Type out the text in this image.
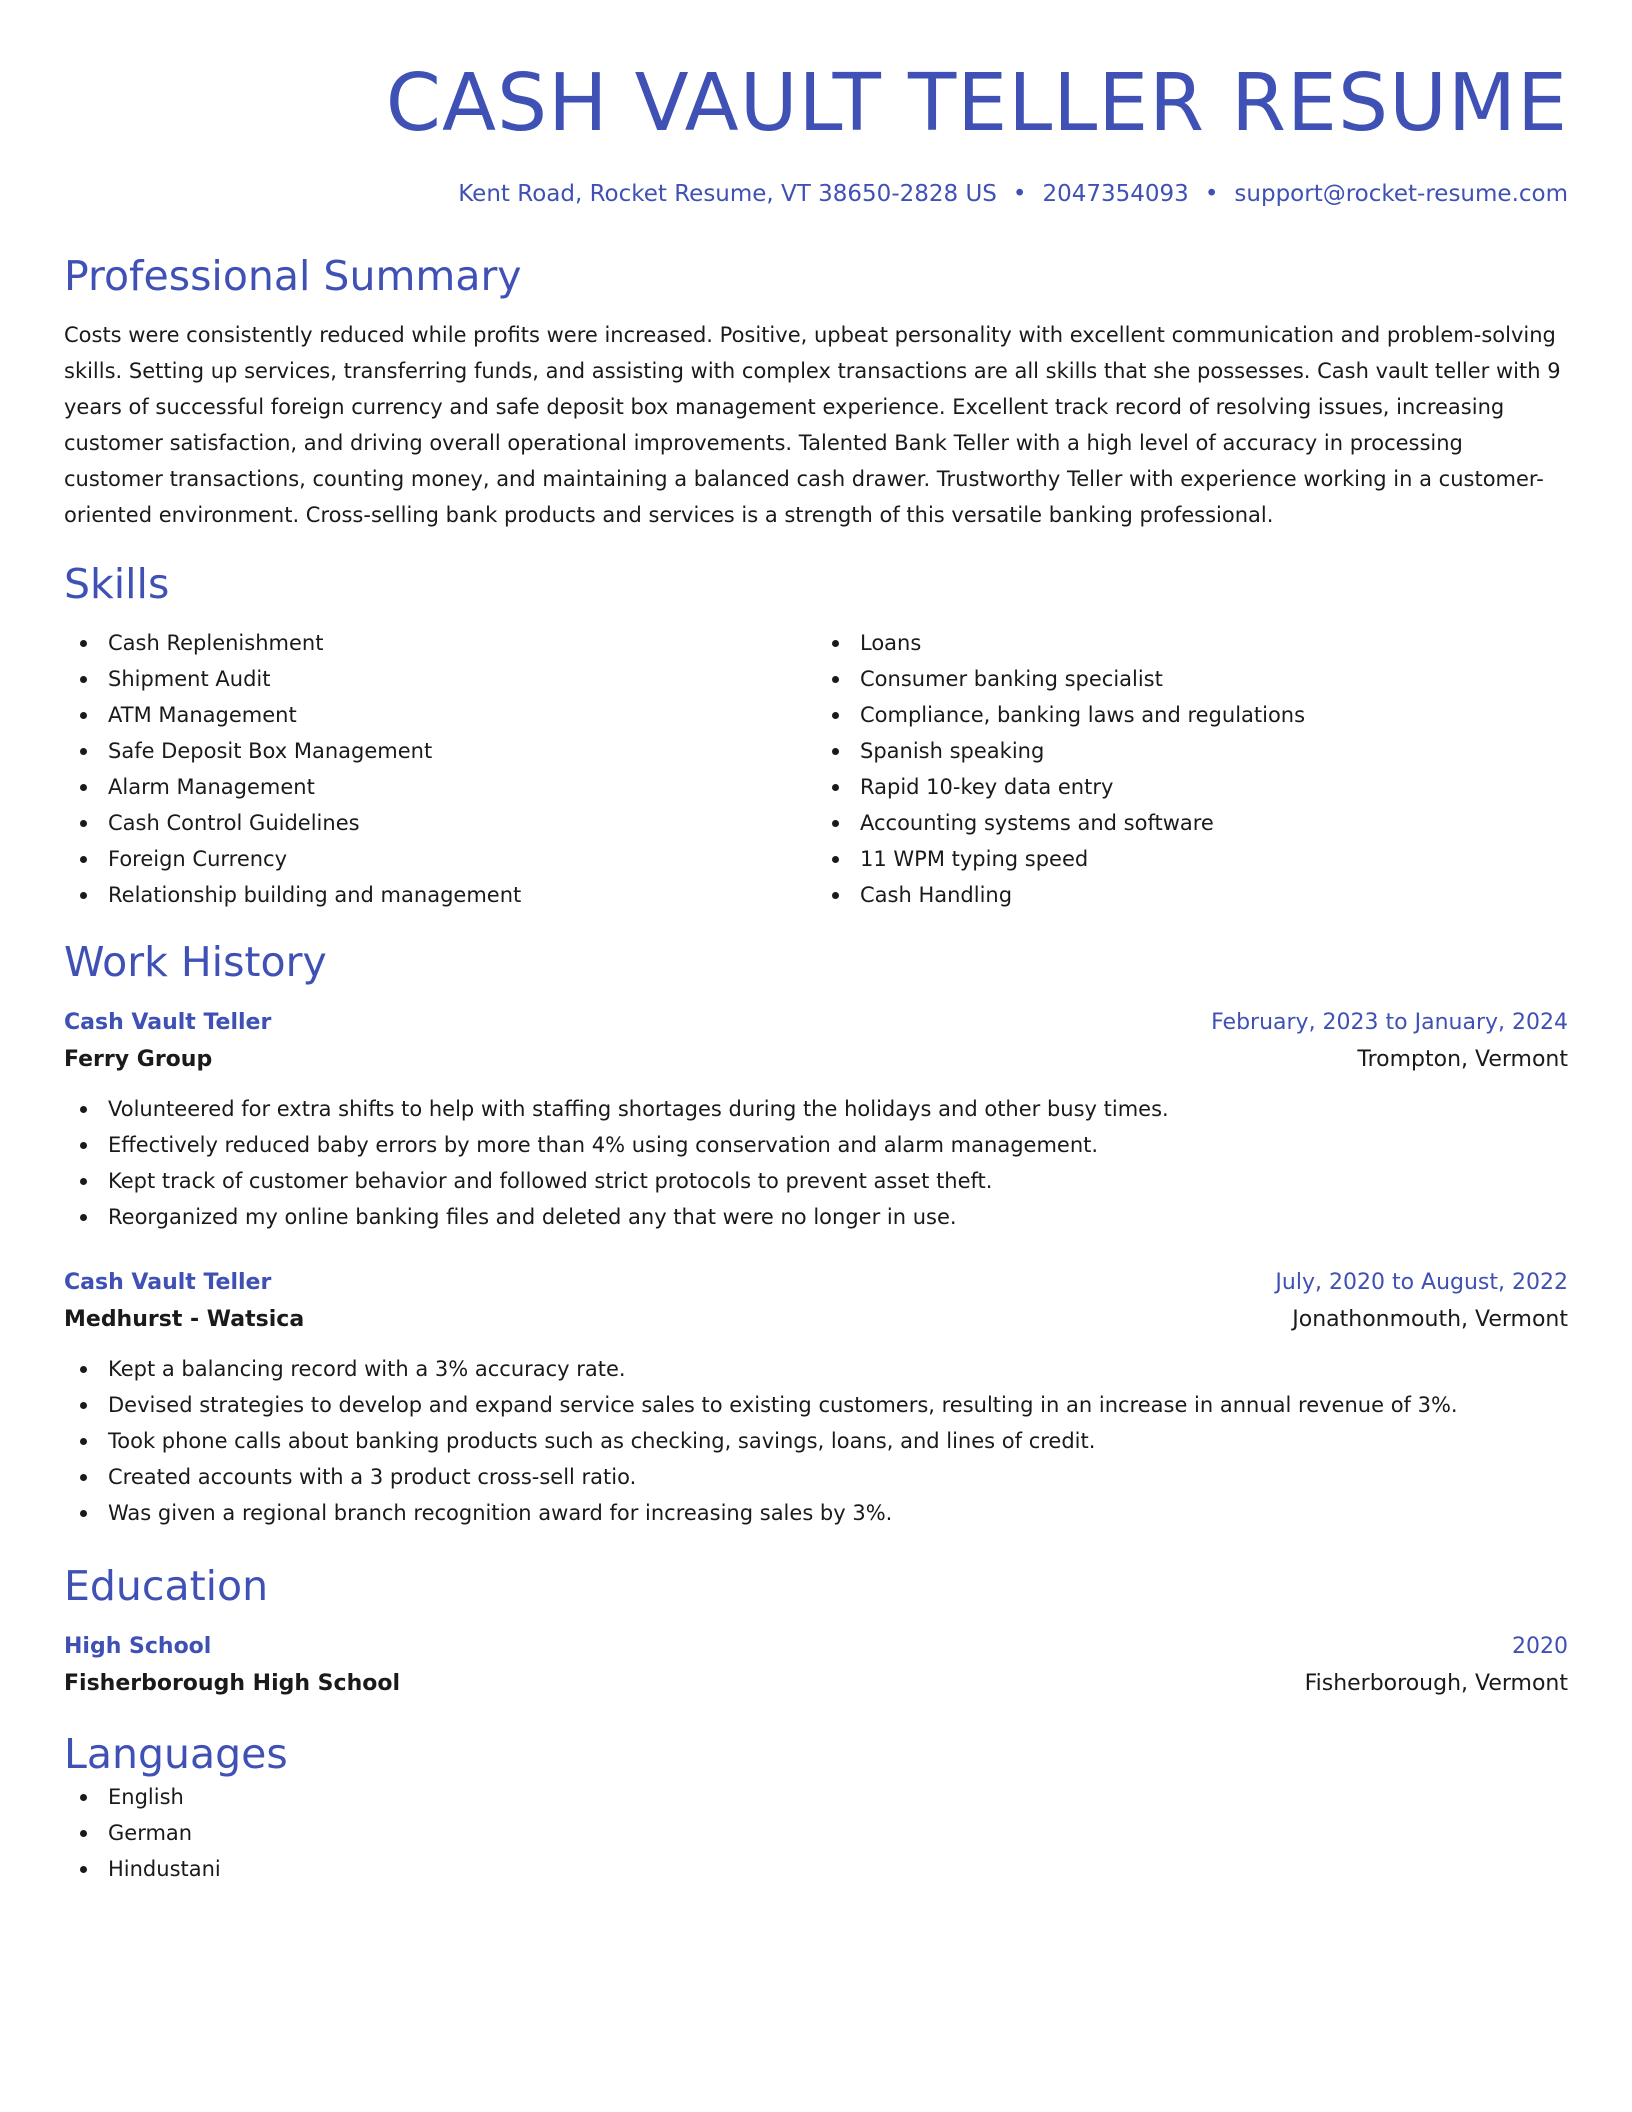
CASH VAULT TELLER RESUME
Kent Road, Rocket Resume, VT 38650-2828 US • 2047354093 • support@rocket-resume.com
Professional Summary

Costs were consistently reduced while profits were increased. Positive, upbeat personality with excellent communication and problem-solving skills. Setting up services, transferring funds, and assisting with complex transactions are all skills that she possesses. Cash vault teller with 9 years of successful foreign currency and safe deposit box management experience. Excellent track record of resolving issues, increasing customer satisfaction, and driving overall operational improvements. Talented Bank Teller with a high level of accuracy in processing customer transactions, counting money, and maintaining a balanced cash drawer. Trustworthy Teller with experience working in a customer-oriented environment. Cross-selling bank products and services is a strength of this versatile banking professional.

Skills
Cash Replenishment
Shipment Audit
ATM Management
Safe Deposit Box Management
Alarm Management
Cash Control Guidelines
Foreign Currency
Relationship building and management
Loans
Consumer banking specialist
Compliance, banking laws and regulations
Spanish speaking
Rapid 10-key data entry
Accounting systems and software
11 WPM typing speed
Cash Handling
Work History
Cash Vault Teller	February, 2023 to January, 2024
Ferry Group	Trompton, Vermont
Volunteered for extra shifts to help with staffing shortages during the holidays and other busy times.
Effectively reduced baby errors by more than 4% using conservation and alarm management.
Kept track of customer behavior and followed strict protocols to prevent asset theft.
Reorganized my online banking files and deleted any that were no longer in use.
Cash Vault Teller	July, 2020 to August, 2022
Medhurst - Watsica	Jonathonmouth, Vermont
Kept a balancing record with a 3% accuracy rate.
Devised strategies to develop and expand service sales to existing customers, resulting in an increase in annual revenue of 3%.
Took phone calls about banking products such as checking, savings, loans, and lines of credit.
Created accounts with a 3 product cross-sell ratio.
Was given a regional branch recognition award for increasing sales by 3%.
Education
High School	2020
Fisherborough High School	Fisherborough, Vermont
Languages
English
German
Hindustani
